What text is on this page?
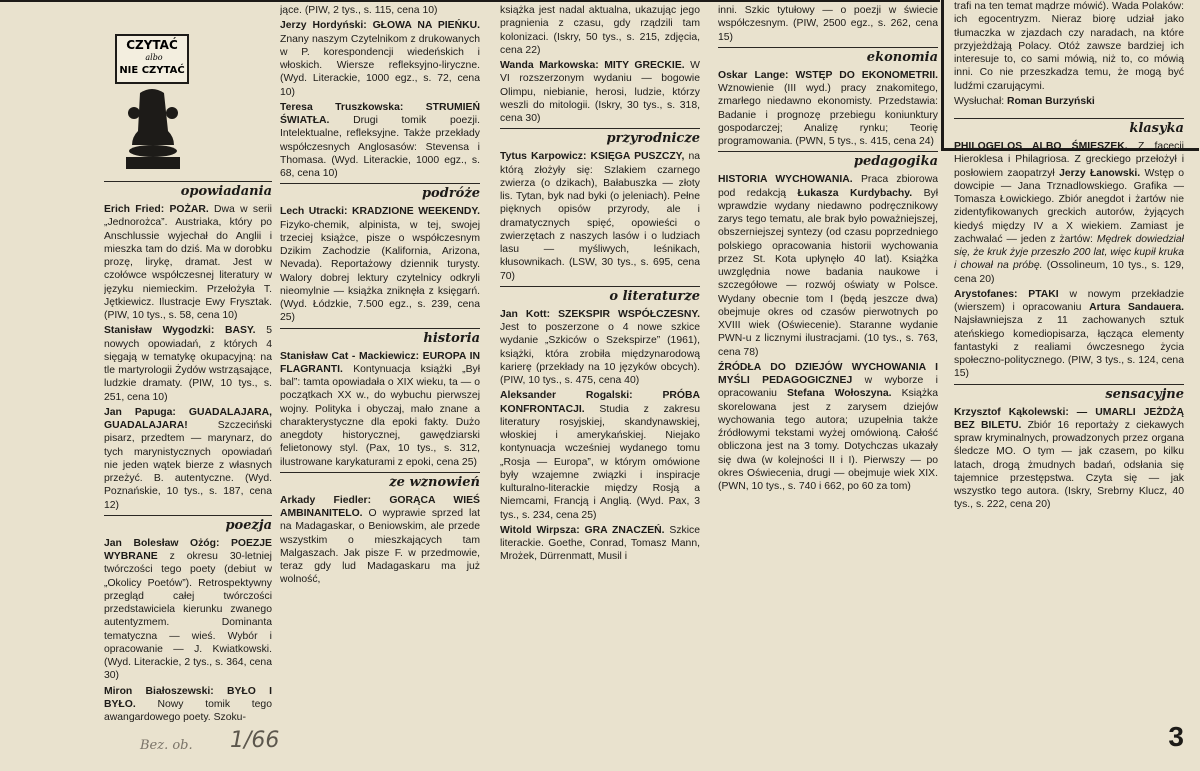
CZYTAĆ
albo
NIE CZYTAĆ
opowiadania

Erich Fried: POŻAR. Dwa w serii „Jednorożca”. Austriaka, który po Anschlussie wyjechał do Anglii i mieszka tam do dziś. Ma w dorobku prozę, lirykę, dramat. Jest w czołówce współczesnej literatury w języku niemieckim. Przełożyła T. Jętkiewicz. Ilustracje Ewy Frysztak. (PIW, 10 tys., s. 58, cena 10)

Stanisław Wygodzki: BASY. 5 nowych opowiadań, z których 4 sięgają w tematykę okupacyjną: na tle martyrologii Żydów wstrząsające, ludzkie dramaty. (PIW, 10 tys., s. 251, cena 10)

Jan Papuga: GUADALAJARA, GUADALAJARA! Szczeciński pisarz, przedtem — marynarz, do tych marynistycznych opowiadań nie jeden wątek bierze z własnych przeżyć. B. autentyczne. (Wyd. Poznańskie, 10 tys., s. 187, cena 12)

poezja

Jan Bolesław Ożóg: POEZJE WYBRANE z okresu 30-letniej twórczości tego poety (debiut w „Okolicy Poetów”). Retrospektywny przegląd całej twórczości przedstawiciela kierunku zwanego autentyzmem. Dominanta tematyczna — wieś. Wybór i opracowanie — J. Kwiatkowski. (Wyd. Literackie, 2 tys., s. 364, cena 30)

Miron Białoszewski: BYŁO I BYŁO. Nowy tomik tego awangardowego poety. Szoku-

jące. (PIW, 2 tys., s. 115, cena 10)

Jerzy Hordyński: GŁOWA NA PIEŃKU. Znany naszym Czytelnikom z drukowanych w P. korespondencji wiedeńskich i włoskich. Wiersze refleksyjno-liryczne. (Wyd. Literackie, 1000 egz., s. 72, cena 10)

Teresa Truszkowska: STRUMIEŃ ŚWIATŁA. Drugi tomik poezji. Intelektualne, refleksyjne. Także przekłady współczesnych Anglosasów: Stevensa i Thomasa. (Wyd. Literackie, 1000 egz., s. 68, cena 10)

podróże

Lech Utracki: KRADZIONE WEEKENDY. Fizyko-chemik, alpinista, w tej, swojej trzeciej książce, pisze o współczesnym Dzikim Zachodzie (Kalifornia, Arizona, Nevada). Reportażowy dziennik turysty. Walory dobrej lektury czytelnicy odkryli nieomylnie — książka zniknęła z księgarń. (Wyd. Łódzkie, 7.500 egz., s. 239, cena 25)

historia

Stanisław Cat - Mackiewicz: EUROPA IN FLAGRANTI. Kontynuacja książki „Był bal”: tamta opowiadała o XIX wieku, ta — o początkach XX w., do wybuchu pierwszej wojny. Polityka i obyczaj, mało znane a charakterystyczne dla epoki fakty. Dużo anegdoty historycznej, gawędziarski felietonowy styl. (Pax, 10 tys., s. 312, ilustrowane karykaturami z epoki, cena 25)

ze wznowień

Arkady Fiedler: GORĄCA WIEŚ AMBINANITELO. O wyprawie sprzed lat na Madagaskar, o Beniowskim, ale przede wszystkim o mieszkających tam Malgaszach. Jak pisze F. w przedmowie, teraz gdy lud Madagaskaru ma już wolność,

książka jest nadal aktualna, ukazując jego pragnienia z czasu, gdy rządzili tam kolonizaci. (Iskry, 50 tys., s. 215, zdjęcia, cena 22)

Wanda Markowska: MITY GRECKIE. W VI rozszerzonym wydaniu — bogowie Olimpu, niebianie, herosi, ludzie, którzy weszli do mitologii. (Iskry, 30 tys., s. 318, cena 30)

przyrodnicze

Tytus Karpowicz: KSIĘGA PUSZCZY, na którą złożyły się: Szlakiem czarnego zwierza (o dzikach), Bałabuszka — złoty lis. Tytan, byk nad byki (o jeleniach). Pełne pięknych opisów przyrody, ale i dramatycznych spięć, opowieści o zwierzętach z naszych lasów i o ludziach lasu — myśliwych, leśnikach, kłusownikach. (LSW, 30 tys., s. 695, cena 70)

o literaturze

Jan Kott: SZEKSPIR WSPÓŁCZESNY. Jest to poszerzone o 4 nowe szkice wydanie „Szkiców o Szekspirze” (1961), książki, która zrobiła międzynarodową karierę (przekłady na 10 języków obcych). (PIW, 10 tys., s. 475, cena 40)

Aleksander Rogalski: PRÓBA KONFRONTACJI. Studia z zakresu literatury rosyjskiej, skandynawskiej, włoskiej i amerykańskiej. Niejako kontynuacja wcześniej wydanego tomu „Rosja — Europa”, w którym omówione były wzajemne związki i inspiracje kulturalno-literackie między Rosją a Niemcami, Francją i Anglią. (Wyd. Pax, 3 tys., s. 234, cena 25)

Witold Wirpsza: GRA ZNACZEŃ. Szkice literackie. Goethe, Conrad, Tomasz Mann, Mrożek, Dürrenmatt, Musil i

inni. Szkic tytułowy — o poezji w świecie współczesnym. (PIW, 2500 egz., s. 262, cena 15)

ekonomia

Oskar Lange: WSTĘP DO EKONOMETRII. Wznowienie (III wyd.) pracy znakomitego, zmarłego niedawno ekonomisty. Przedstawia: Badanie i prognozę przebiegu koniunktury gospodarczej; Analizę rynku; Teorię programowania. (PWN, 5 tys., s. 415, cena 24)

pedagogika

HISTORIA WYCHOWANIA. Praca zbiorowa pod redakcją Łukasza Kurdybachy. Był wprawdzie wydany niedawno podręcznikowy zarys tego tematu, ale brak było poważniejszej, obszerniejszej syntezy (od czasu poprzedniego polskiego opracowania historii wychowania przez St. Kota upłynęło 40 lat). Książka uwzględnia nowe badania naukowe i szczegółowe — rozwój oświaty w Polsce. Wydany obecnie tom I (będą jeszcze dwa) obejmuje okres od czasów pierwotnych po XVIII wiek (Oświecenie). Staranne wydanie PWN-u z licznymi ilustracjami. (10 tys., s. 763, cena 78)

ŹRÓDŁA DO DZIEJÓW WYCHOWANIA I MYŚLI PEDAGOGICZNEJ w wyborze i opracowaniu Stefana Wołoszyna. Książka skorelowana jest z zarysem dziejów wychowania tego autora; uzupełnia także źródłowymi tekstami wyżej omówioną. Całość obliczona jest na 3 tomy. Dotychczas ukazały się dwa (w kolejności II i I). Pierwszy — po okres Oświecenia, drugi — obejmuje wiek XIX. (PWN, 10 tys., s. 740 i 662, po 60 za tom)

trafi na ten temat mądrze mówić). Wada Polaków: ich egocentryzm. Nieraz biorę udział jako tłumaczka w zjazdach czy naradach, na które przyjeżdżają Polacy. Otóż zawsze bardziej ich interesuje to, co sami mówią, niż to, co mówią inni. Co nie przeszkadza temu, że mogą być ludźmi czarującymi.

Wysłuchał: Roman Burzyński

klasyka

PHILOGELOS ALBO ŚMIESZEK. Z facecji Hieroklesa i Philagriosa. Z greckiego przełożył i posłowiem zaopatrzył Jerzy Łanowski. Wstęp o dowcipie — Jana Trznadlowskiego. Grafika — Tomasza Łowickiego. Zbiór anegdot i żartów nie zidentyfikowanych greckich autorów, żyjących kiedyś między IV a X wiekiem. Zamiast je zachwalać — jeden z żartów: Mędrek dowiedział się, że kruk żyje przeszło 200 lat, więc kupił kruka i chował na próbę. (Ossolineum, 10 tys., s. 129, cena 20)

Arystofanes: PTAKI w nowym przekładzie (wierszem) i opracowaniu Artura Sandauera. Najsławniejsza z 11 zachowanych sztuk ateńskiego komediopisarza, łącząca elementy fantastyki z realiami ówczesnego życia społeczno-politycznego. (PIW, 3 tys., s. 124, cena 15)

sensacyjne

Krzysztof Kąkolewski: — UMARLI JEŻDŻĄ BEZ BILETU. Zbiór 16 reportaży z ciekawych spraw kryminalnych, prowadzonych przez organa śledcze MO. O tym — jak czasem, po kilku latach, drogą żmudnych badań, odsłania się tajemnice przestępstwa. Czyta się — jak wszystko tego autora. (Iskry, Srebrny Klucz, 40 tys., s. 222, cena 20)

Bez. ob. 1/66	3
